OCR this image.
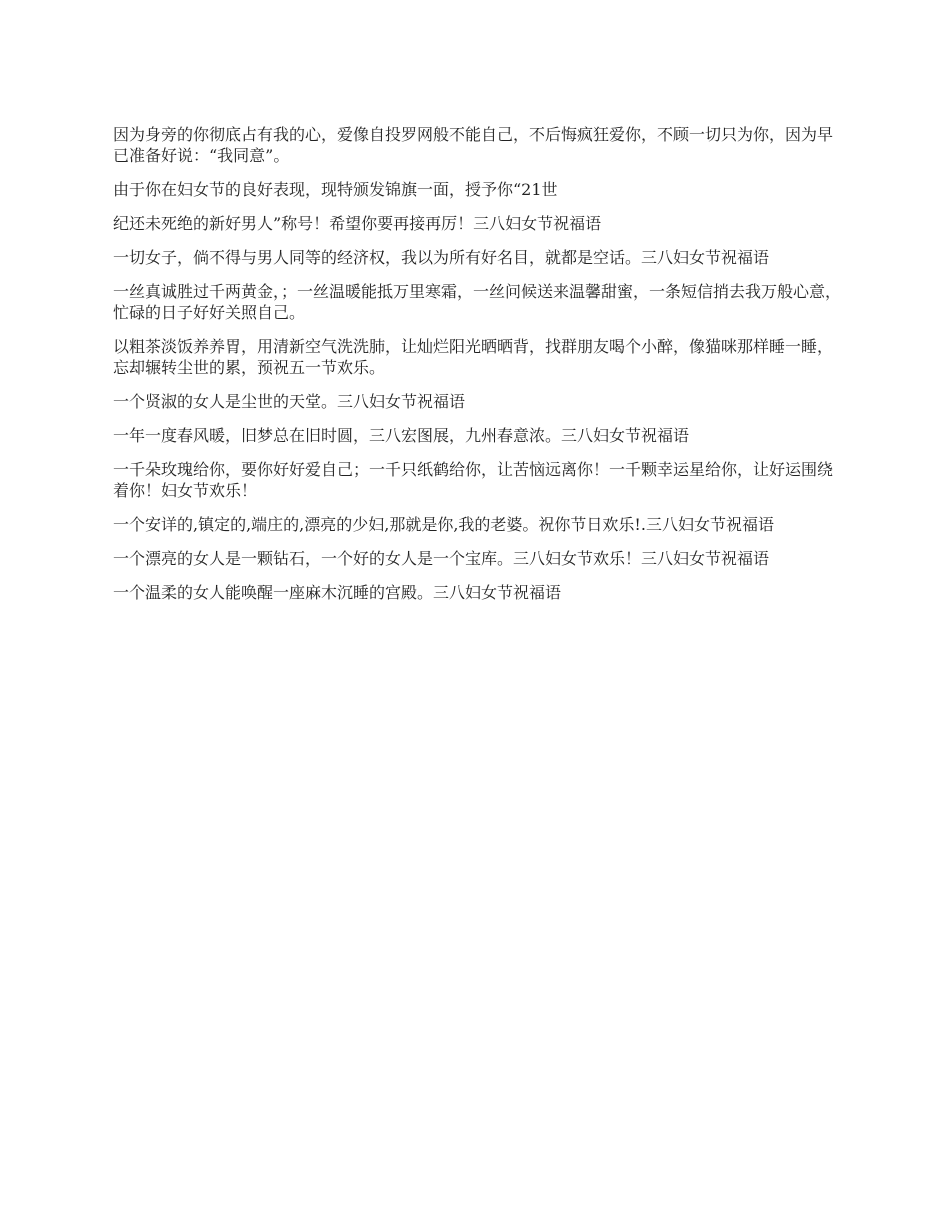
因为身旁的你彻底占有我的心，爱像自投罗网般不能自己，不后悔疯狂爱你，不顾一切只为你，因为早已准备好说：“我同意”。

由于你在妇女节的良好表现，现特颁发锦旗一面，授予你“21世

纪还未死绝的新好男人”称号！希望你要再接再厉！三八妇女节祝福语

一切女子，倘不得与男人同等的经济权，我以为所有好名目，就都是空话。三八妇女节祝福语

一丝真诚胜过千两黄金，；一丝温暖能抵万里寒霜，一丝问候送来温馨甜蜜，一条短信捎去我万般心意，忙碌的日子好好关照自己。

以粗茶淡饭养养胃，用清新空气洗洗肺，让灿烂阳光晒晒背，找群朋友喝个小醉，像猫咪那样睡一睡，忘却辗转尘世的累，预祝五一节欢乐。

一个贤淑的女人是尘世的天堂。三八妇女节祝福语

一年一度春风暖，旧梦总在旧时圆，三八宏图展，九州春意浓。三八妇女节祝福语

一千朵玫瑰给你，要你好好爱自己；一千只纸鹤给你，让苦恼远离你！一千颗幸运星给你，让好运围绕着你！妇女节欢乐！

一个安详的,镇定的,端庄的,漂亮的少妇,那就是你,我的老婆。祝你节日欢乐!.三八妇女节祝福语

一个漂亮的女人是一颗钻石，一个好的女人是一个宝库。三八妇女节欢乐！三八妇女节祝福语

一个温柔的女人能唤醒一座麻木沉睡的宫殿。三八妇女节祝福语
